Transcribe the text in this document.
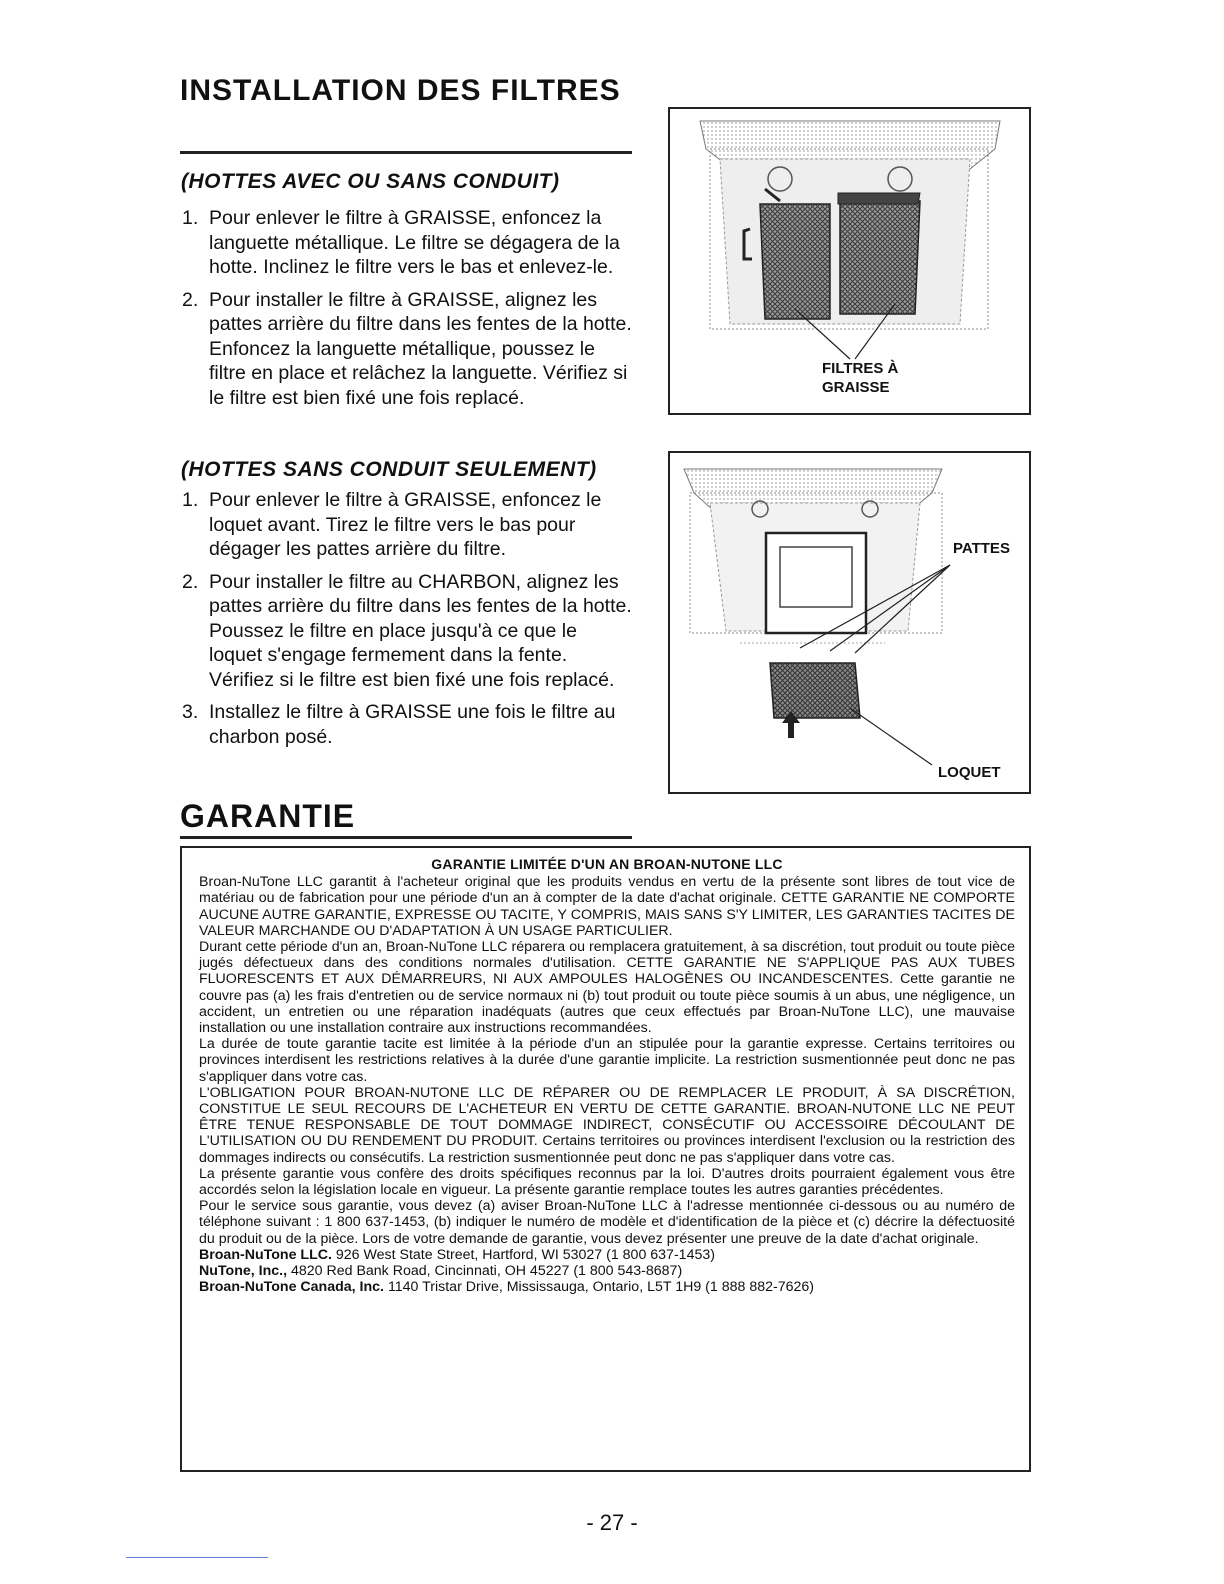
INSTALLATION DES FILTRES
(HOTTES AVEC OU SANS CONDUIT)
1. Pour enlever le filtre à GRAISSE, enfoncez la languette métallique. Le filtre se dégagera de la hotte. Inclinez le filtre vers le bas et enlevez-le.
2. Pour installer le filtre à GRAISSE, alignez les pattes arrière du filtre dans les fentes de la hotte. Enfoncez la languette métallique, poussez le filtre en place et relâchez la languette. Vérifiez si le filtre est bien fixé une fois replacé.
(HOTTES SANS CONDUIT SEULEMENT)
1. Pour enlever le filtre à GRAISSE, enfoncez le loquet avant. Tirez le filtre vers le bas pour dégager les pattes arrière du filtre.
2. Pour installer le filtre au CHARBON, alignez les pattes arrière du filtre dans les fentes de la hotte. Poussez le filtre en place jusqu'à ce que le loquet s'engage fermement dans la fente. Vérifiez si le filtre est bien fixé une fois replacé.
3. Installez le filtre à GRAISSE une fois le filtre au charbon posé.
FILTRES À
GRAISSE
PATTES
LOQUET
GARANTIE
GARANTIE LIMITÉE D'UN AN BROAN-NUTONE LLC

Broan-NuTone LLC garantit à l'acheteur original que les produits vendus en vertu de la présente sont libres de tout vice de matériau ou de fabrication pour une période d'un an à compter de la date d'achat originale. CETTE GARANTIE NE COMPORTE AUCUNE AUTRE GARANTIE, EXPRESSE OU TACITE, Y COMPRIS, MAIS SANS S'Y LIMITER, LES GARANTIES TACITES DE VALEUR MARCHANDE OU D'ADAPTATION À UN USAGE PARTICULIER.

Durant cette période d'un an, Broan-NuTone LLC réparera ou remplacera gratuitement, à sa discrétion, tout produit ou toute pièce jugés défectueux dans des conditions normales d'utilisation. CETTE GARANTIE NE S'APPLIQUE PAS AUX TUBES FLUORESCENTS ET AUX DÉMARREURS, NI AUX AMPOULES HALOGÈNES OU INCANDESCENTES. Cette garantie ne couvre pas (a) les frais d'entretien ou de service normaux ni (b) tout produit ou toute pièce soumis à un abus, une négligence, un accident, un entretien ou une réparation inadéquats (autres que ceux effectués par Broan-NuTone LLC), une mauvaise installation ou une installation contraire aux instructions recommandées.

La durée de toute garantie tacite est limitée à la période d'un an stipulée pour la garantie expresse. Certains territoires ou provinces interdisent les restrictions relatives à la durée d'une garantie implicite. La restriction susmentionnée peut donc ne pas s'appliquer dans votre cas.

L'OBLIGATION POUR BROAN-NUTONE LLC DE RÉPARER OU DE REMPLACER LE PRODUIT, À SA DISCRÉTION, CONSTITUE LE SEUL RECOURS DE L'ACHETEUR EN VERTU DE CETTE GARANTIE. BROAN-NUTONE LLC NE PEUT ÊTRE TENUE RESPONSABLE DE TOUT DOMMAGE INDIRECT, CONSÉCUTIF OU ACCESSOIRE DÉCOULANT DE L'UTILISATION OU DU RENDEMENT DU PRODUIT. Certains territoires ou provinces interdisent l'exclusion ou la restriction des dommages indirects ou consécutifs. La restriction susmentionnée peut donc ne pas s'appliquer dans votre cas.

La présente garantie vous confère des droits spécifiques reconnus par la loi. D'autres droits pourraient également vous être accordés selon la législation locale en vigueur. La présente garantie remplace toutes les autres garanties précédentes.

Pour le service sous garantie, vous devez (a) aviser Broan-NuTone LLC à l'adresse mentionnée ci-dessous ou au numéro de téléphone suivant : 1 800 637-1453, (b) indiquer le numéro de modèle et d'identification de la pièce et (c) décrire la défectuosité du produit ou de la pièce. Lors de votre demande de garantie, vous devez présenter une preuve de la date d'achat originale.

Broan-NuTone LLC. 926 West State Street, Hartford, WI 53027 (1 800 637-1453)

NuTone, Inc., 4820 Red Bank Road, Cincinnati, OH 45227 (1 800 543-8687)

Broan-NuTone Canada, Inc. 1140 Tristar Drive, Mississauga, Ontario, L5T 1H9 (1 888 882-7626)

- 27 -
